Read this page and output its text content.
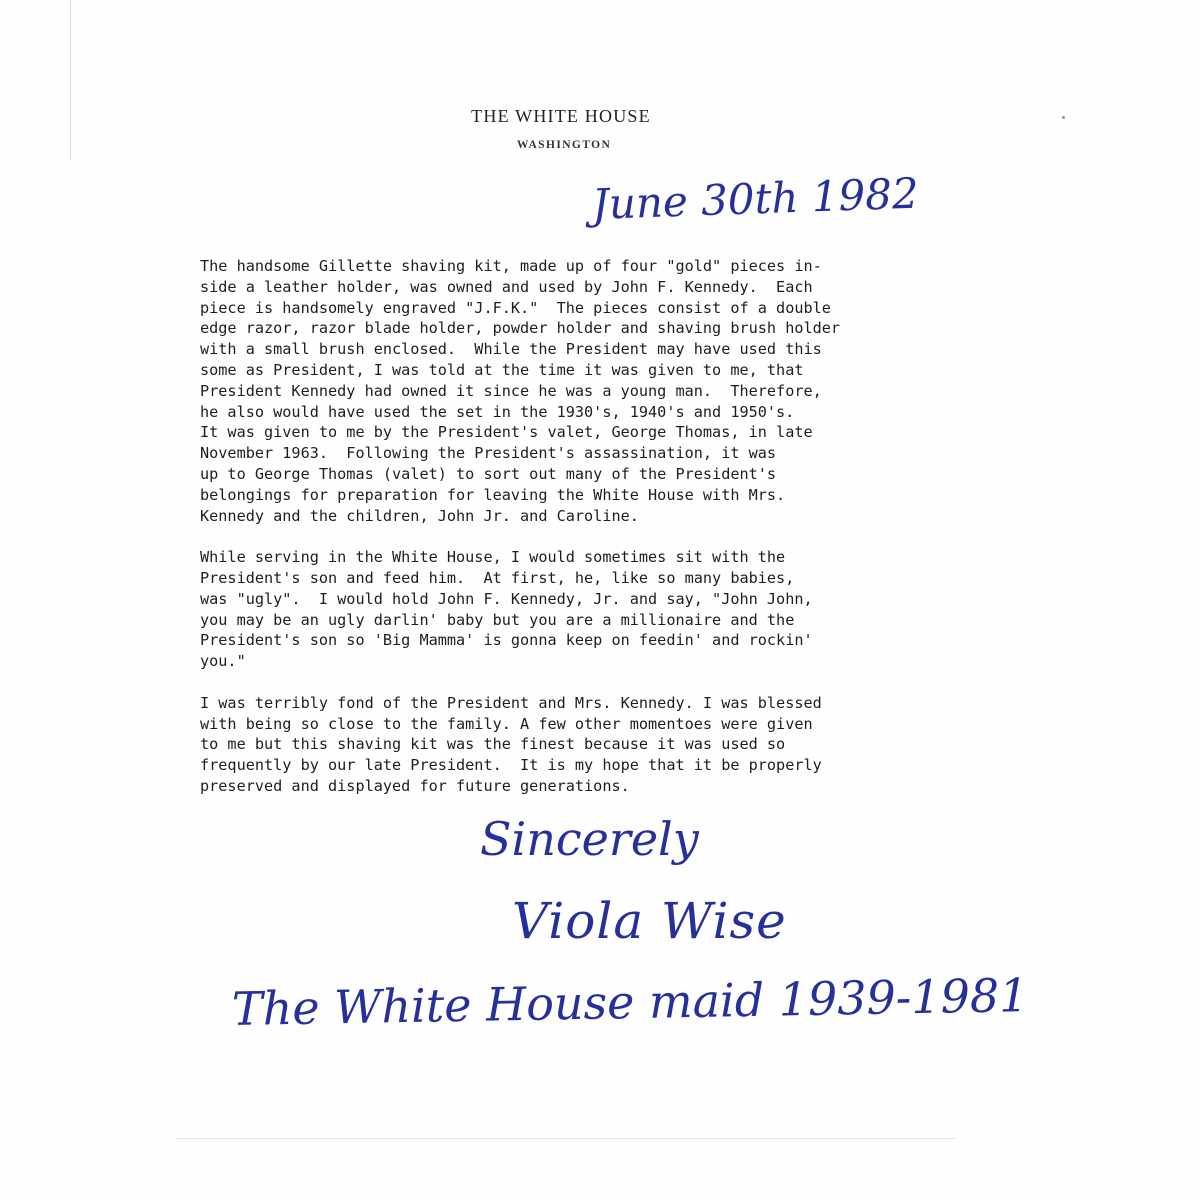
THE WHITE HOUSE
WASHINGTON
June 30th 1982

The handsome Gillette shaving kit, made up of four "gold" pieces in-
side a leather holder, was owned and used by John F. Kennedy.  Each
piece is handsomely engraved "J.F.K."  The pieces consist of a double
edge razor, razor blade holder, powder holder and shaving brush holder
with a small brush enclosed.  While the President may have used this
some as President, I was told at the time it was given to me, that
President Kennedy had owned it since he was a young man.  Therefore,
he also would have used the set in the 1930's, 1940's and 1950's.
It was given to me by the President's valet, George Thomas, in late
November 1963.  Following the President's assassination, it was
up to George Thomas (valet) to sort out many of the President's
belongings for preparation for leaving the White House with Mrs.
Kennedy and the children, John Jr. and Caroline.

While serving in the White House, I would sometimes sit with the
President's son and feed him.  At first, he, like so many babies,
was "ugly".  I would hold John F. Kennedy, Jr. and say, "John John,
you may be an ugly darlin' baby but you are a millionaire and the
President's son so 'Big Mamma' is gonna keep on feedin' and rockin'
you."

I was terribly fond of the President and Mrs. Kennedy. I was blessed
with being so close to the family. A few other momentoes were given
to me but this shaving kit was the finest because it was used so
frequently by our late President.  It is my hope that it be properly
preserved and displayed for future generations.

Sincerely
Viola Wise
The White House maid 1939-1981
